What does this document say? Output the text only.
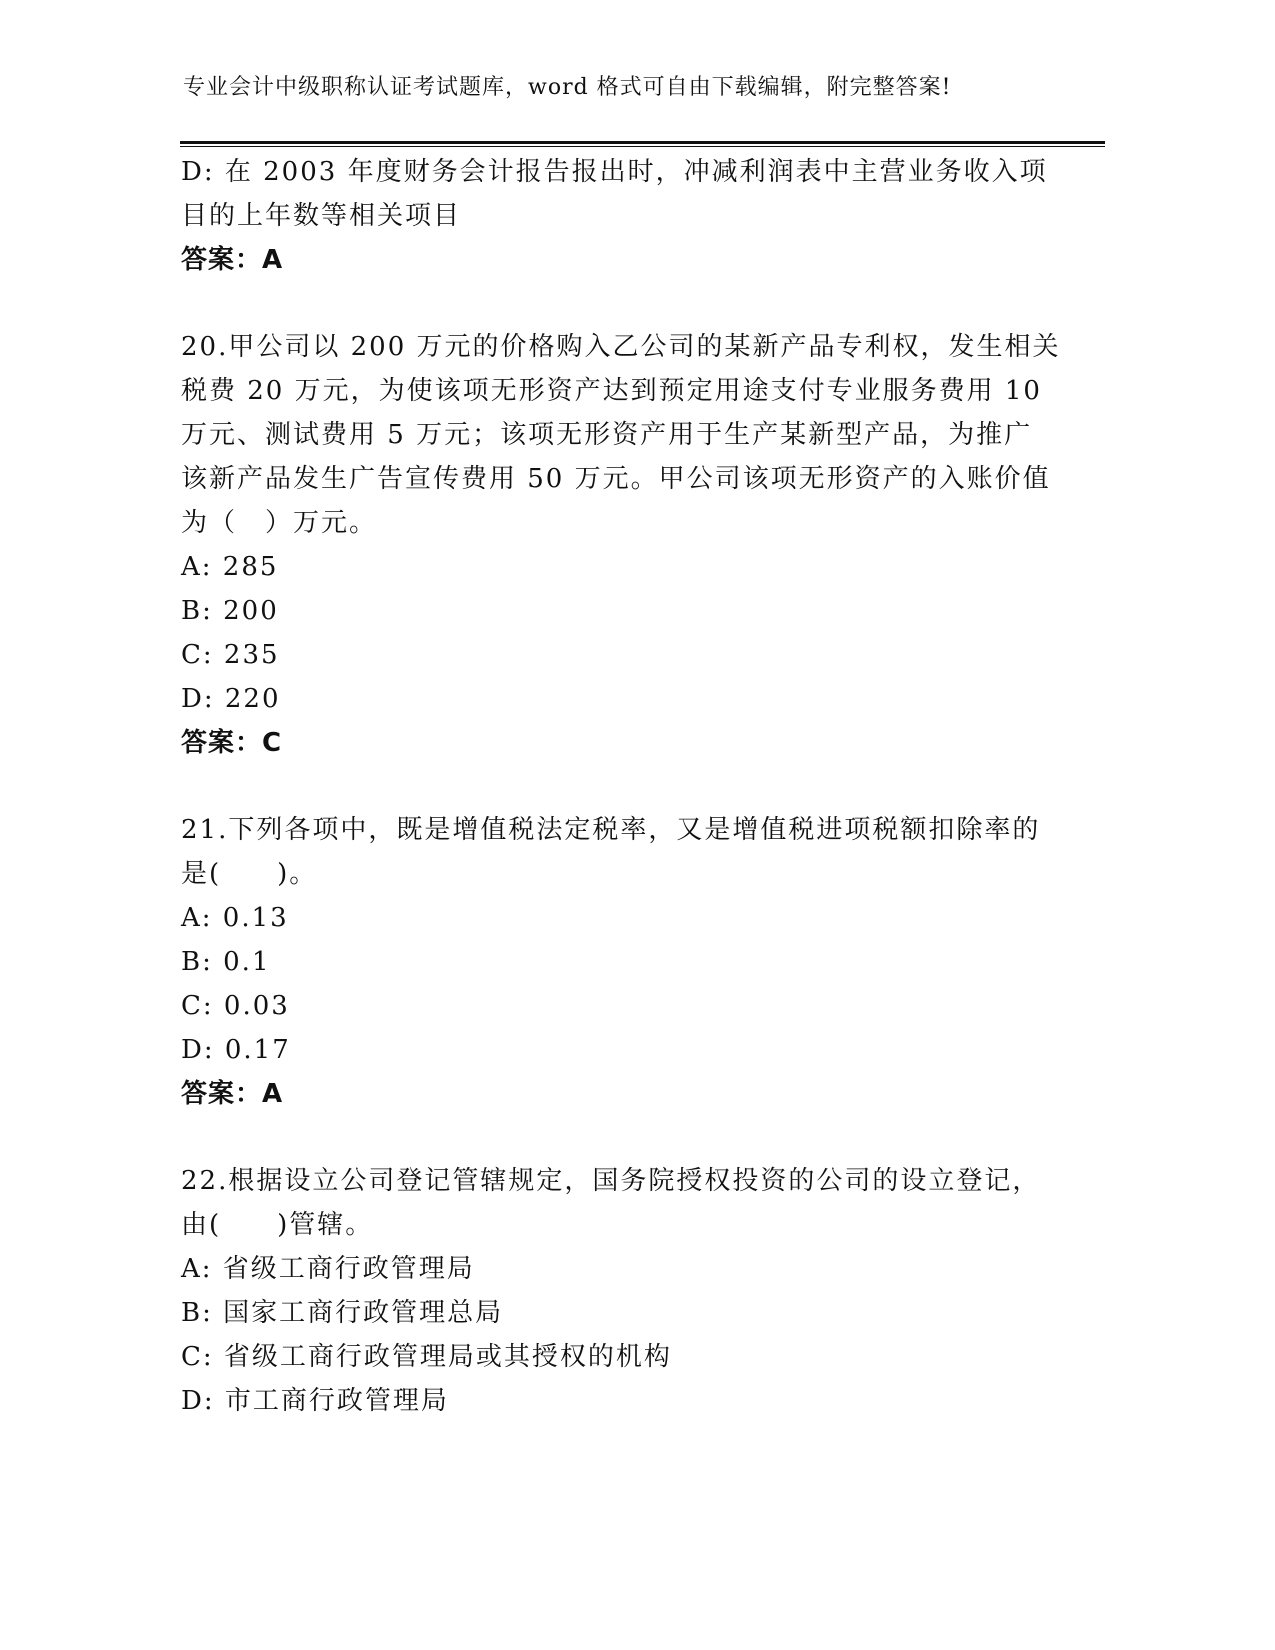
专业会计中级职称认证考试题库，word 格式可自由下载编辑，附完整答案!
D: 在 2003 年度财务会计报告报出时，冲减利润表中主营业务收入项
目的上年数等相关项目
答案：A
20.甲公司以 200 万元的价格购入乙公司的某新产品专利权，发生相关
税费 20 万元，为使该项无形资产达到预定用途支付专业服务费用 10
万元、测试费用 5 万元；该项无形资产用于生产某新型产品，为推广
该新产品发生广告宣传费用 50 万元。甲公司该项无形资产的入账价值
为（　）万元。
A: 285
B: 200
C: 235
D: 220
答案：C
21.下列各项中，既是增值税法定税率，又是增值税进项税额扣除率的
是(　　)。
A: 0.13
B: 0.1
C: 0.03
D: 0.17
答案：A
22.根据设立公司登记管辖规定，国务院授权投资的公司的设立登记，
由(　　)管辖。
A: 省级工商行政管理局
B: 国家工商行政管理总局
C: 省级工商行政管理局或其授权的机构
D: 市工商行政管理局
